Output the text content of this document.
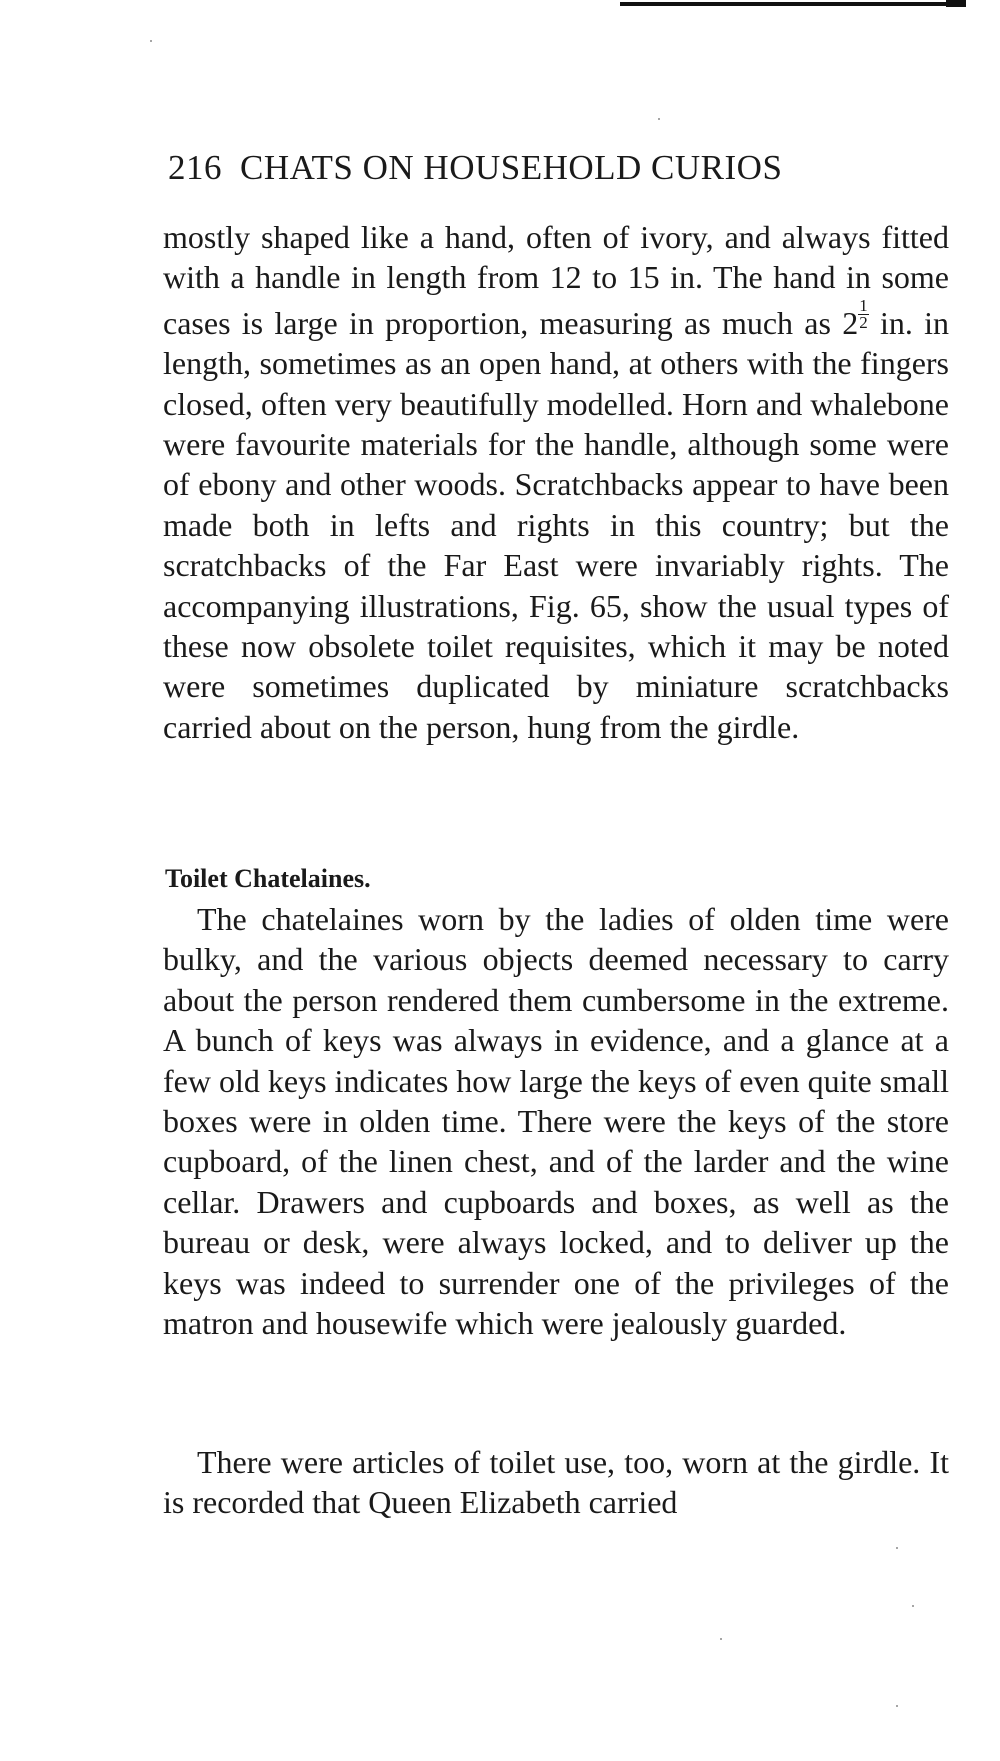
216 CHATS ON HOUSEHOLD CURIOS

mostly shaped like a hand, often of ivory, and always fitted with a handle in length from 12 to 15 in. The hand in some cases is large in proportion, measuring as much as $2 \frac{1}{2}$ in. in length, sometimes as an open hand, at others with the fingers closed, often very beautifully modelled. Horn and whalebone were favourite materials for the handle, although some were of ebony and other woods. Scratchbacks appear to have been made both in lefts and rights in this country; but the scratchbacks of the Far East were invariably rights. The accompanying illustrations, Fig. 65, show the usual types of these now obsolete toilet requisites, which it may be noted were sometimes duplicated by miniature scratchbacks carried about on the person, hung from the girdle.

Toilet Chatelaines.

The chatelaines worn by the ladies of olden time were bulky, and the various objects deemed necessary to carry about the person rendered them cumbersome in the extreme. A bunch of keys was always in evidence, and a glance at a few old keys indicates how large the keys of even quite small boxes were in olden time. There were the keys of the store cupboard, of the linen chest, and of the larder and the wine cellar. Drawers and cupboards and boxes, as well as the bureau or desk, were always locked, and to deliver up the keys was indeed to surrender one of the privileges of the matron and housewife which were jealously guarded.

There were articles of toilet use, too, worn at the girdle. It is recorded that Queen Elizabeth carried
